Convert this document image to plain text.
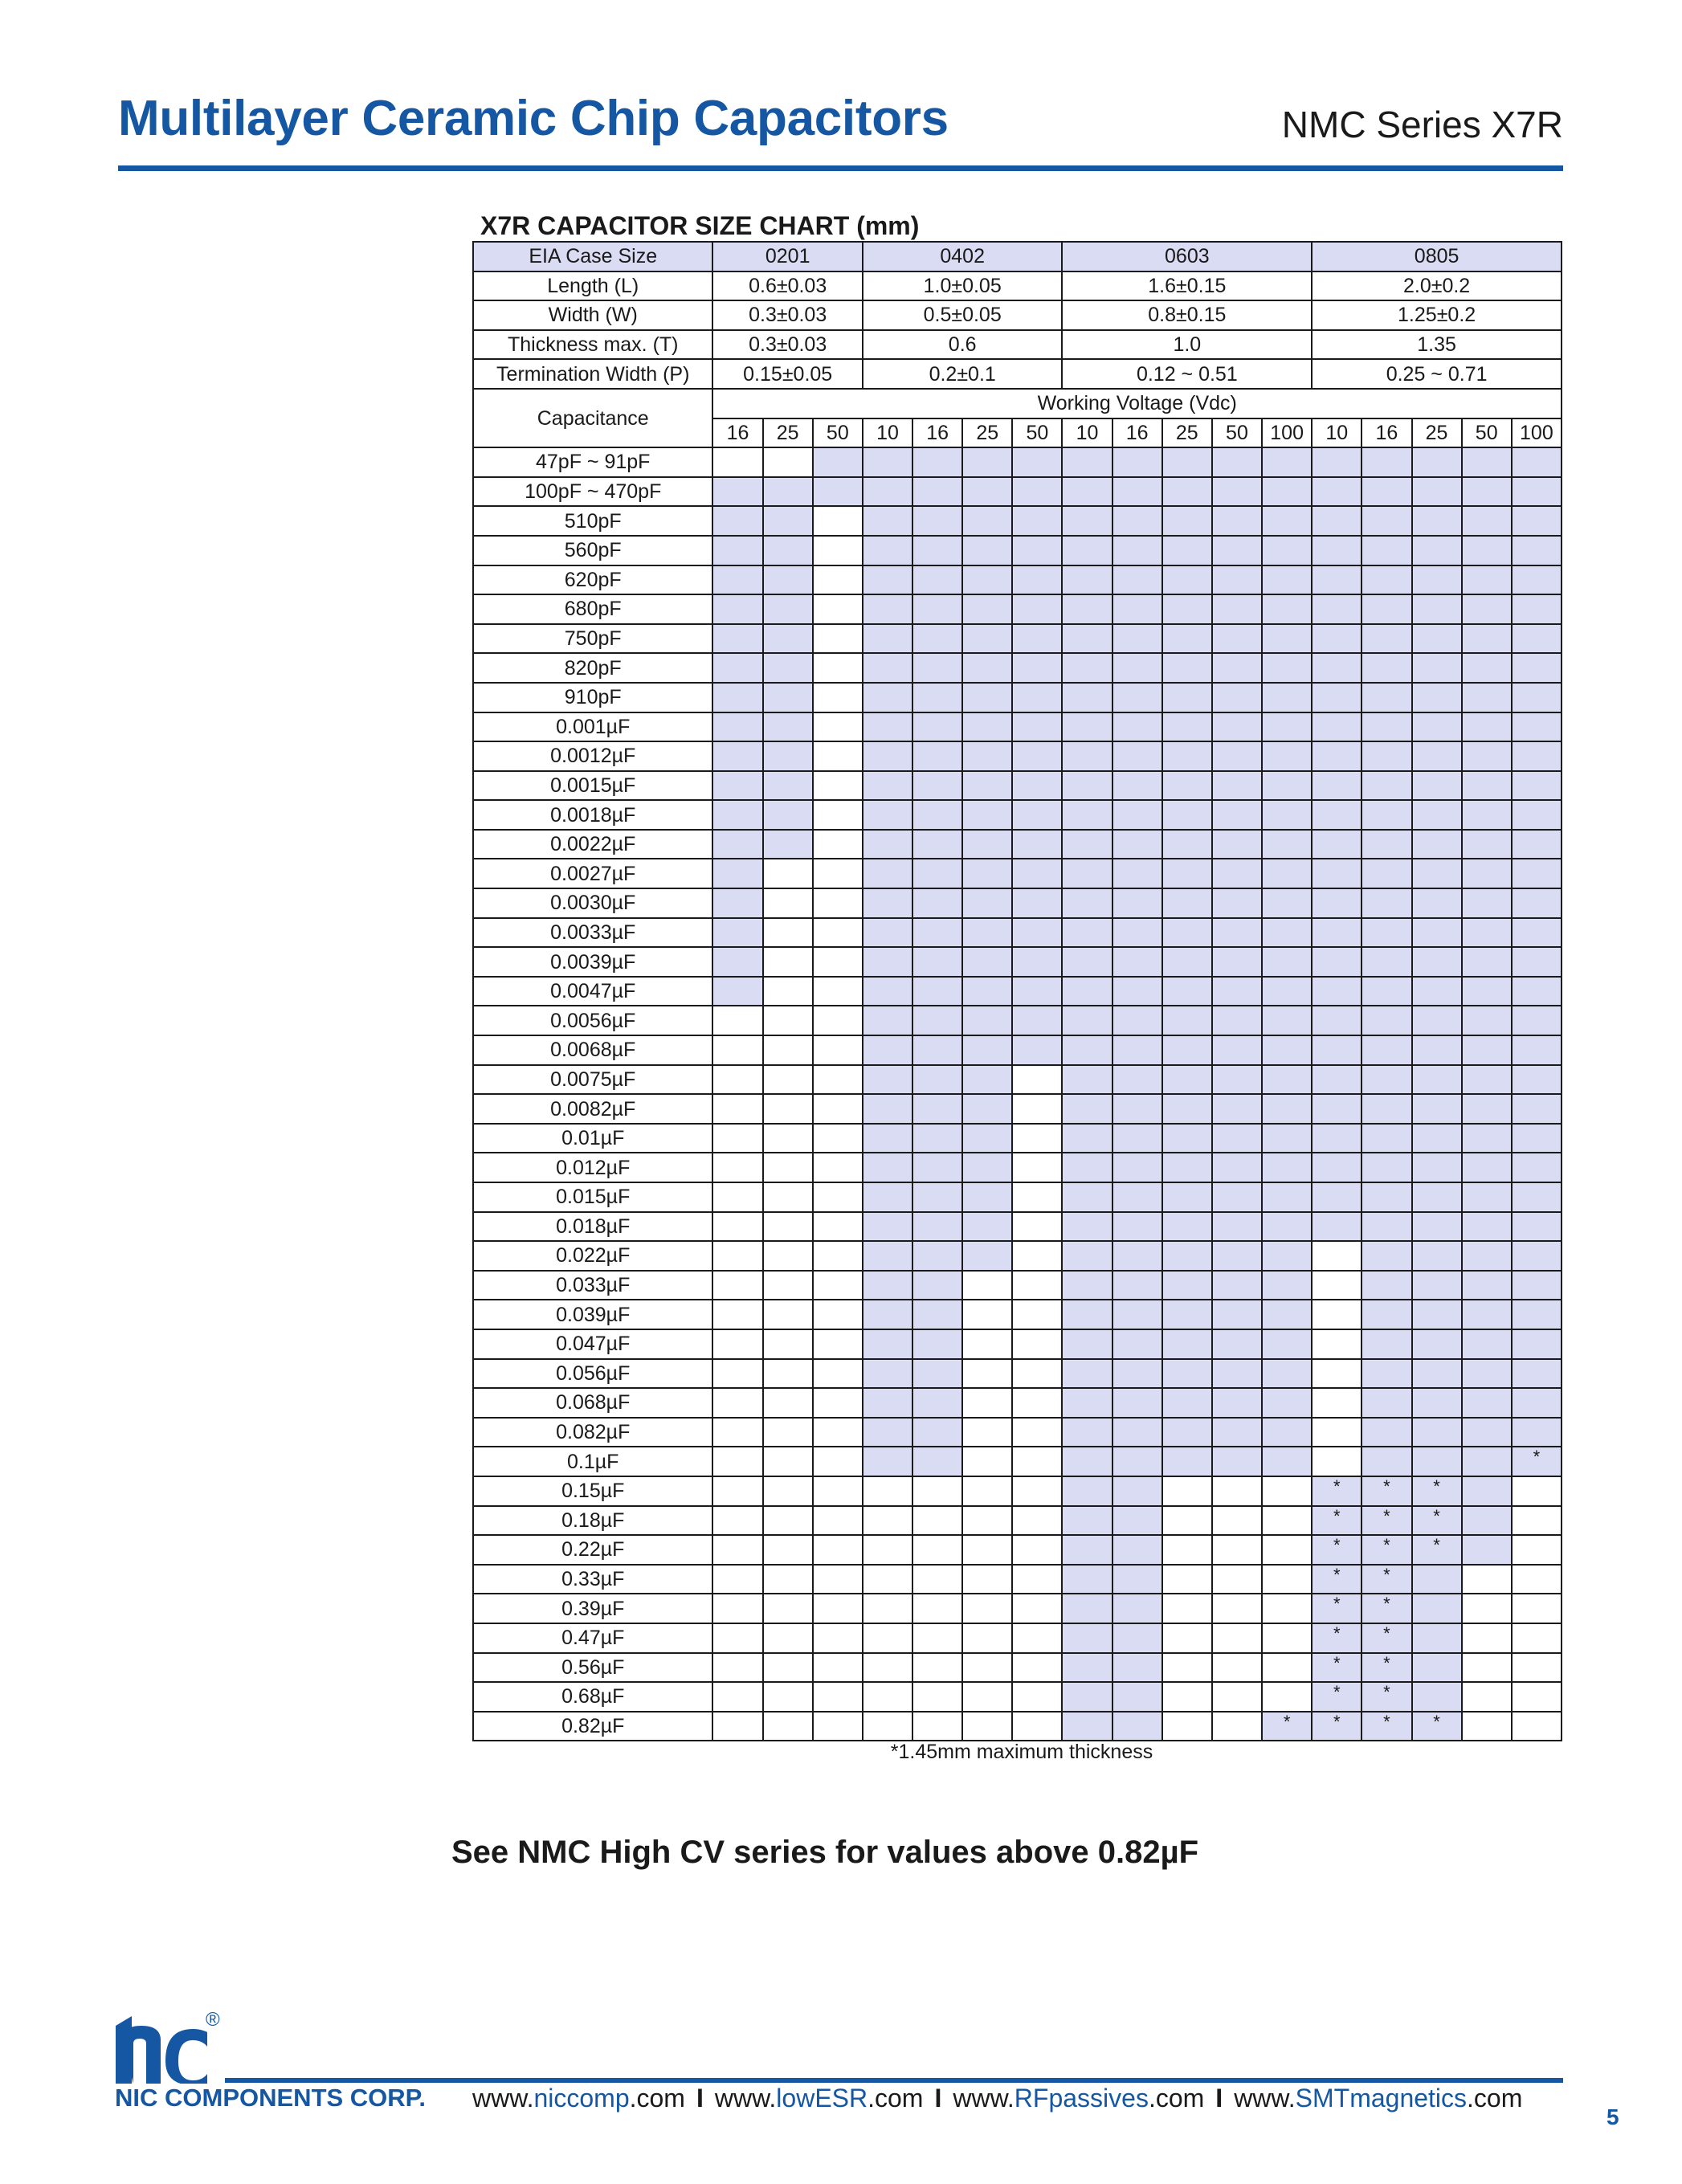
Multilayer Ceramic Chip Capacitors	NMC Series X7R
X7R CAPACITOR SIZE CHART (mm)
EIA Case Size	0201			0402				0603					0805				
Length (L)	0.6±0.03			1.0±0.05				1.6±0.15					2.0±0.2				
Width (W)	0.3±0.03			0.5±0.05				0.8±0.15					1.25±0.2				
Thickness max. (T)	0.3±0.03			0.6				1.0					1.35				
Termination Width (P)	0.15±0.05			0.2±0.1				0.12 ~ 0.51					0.25 ~ 0.71				
Capacitance	Working Voltage (Vdc)																
	16	25	50	10	16	25	50	10	16	25	50	100	10	16	25	50	100
47pF ~ 91pF																	
100pF ~ 470pF																	
510pF																	
560pF																	
620pF																	
680pF																	
750pF																	
820pF																	
910pF																	
0.001µF																	
0.0012µF																	
0.0015µF																	
0.0018µF																	
0.0022µF																	
0.0027µF																	
0.0030µF																	
0.0033µF																	
0.0039µF																	
0.0047µF																	
0.0056µF																	
0.0068µF																	
0.0075µF																	
0.0082µF																	
0.01µF																	
0.012µF																	
0.015µF																	
0.018µF																	
0.022µF																	
0.033µF																	
0.039µF																	
0.047µF																	
0.056µF																	
0.068µF																	
0.082µF																	
0.1µF																	*
0.15µF													*	*	*		
0.18µF													*	*	*		
0.22µF													*	*	*		
0.33µF													*	*			
0.39µF													*	*			
0.47µF													*	*			
0.56µF													*	*			
0.68µF													*	*			
0.82µF												*	*	*	*		
*1.45mm maximum thickness
See NMC High CV series for values above 0.82µF
®
NIC COMPONENTS CORP. www.niccomp.com I www.lowESR.com I www.RFpassives.com I www.SMTmagnetics.com
5
